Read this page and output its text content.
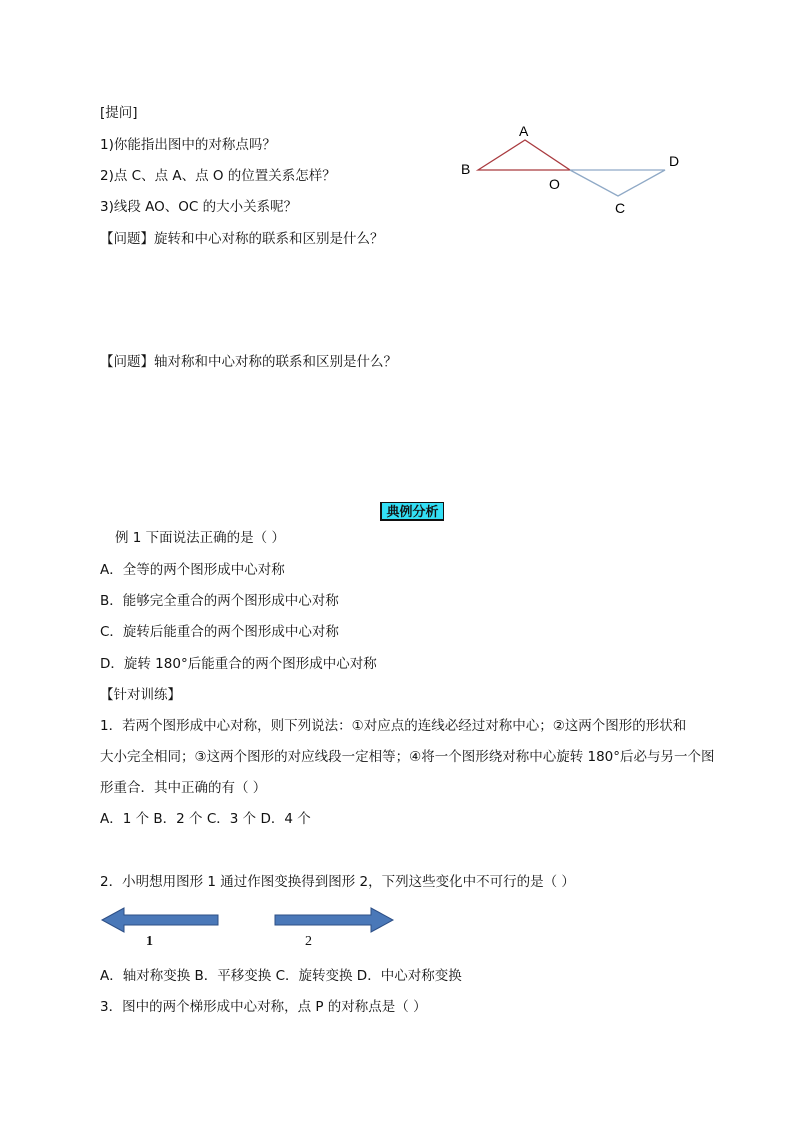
[提问]
1)你能指出图中的对称点吗？
2)点 C、点 A、点 O 的位置关系怎样？
3)线段 AO、OC 的大小关系呢？
【问题】旋转和中心对称的联系和区别是什么？
A
B
O
C
D
【问题】轴对称和中心对称的联系和区别是什么？
典例分析
例 1 下面说法正确的是（ ）
A．全等的两个图形成中心对称
B．能够完全重合的两个图形成中心对称
C．旋转后能重合的两个图形成中心对称
D．旋转 180°后能重合的两个图形成中心对称
【针对训练】
1．若两个图形成中心对称，则下列说法：①对应点的连线必经过对称中心；②这两个图形的形状和
大小完全相同；③这两个图形的对应线段一定相等；④将一个图形绕对称中心旋转 180°后必与另一个图
形重合．其中正确的有（ ）
A．1 个 B．2 个 C．3 个 D．4 个
2．小明想用图形 1 通过作图变换得到图形 2，下列这些变化中不可行的是（ ）
1	2
A．轴对称变换 B．平移变换 C．旋转变换 D．中心对称变换
3．图中的两个梯形成中心对称，点 P 的对称点是（ ）
